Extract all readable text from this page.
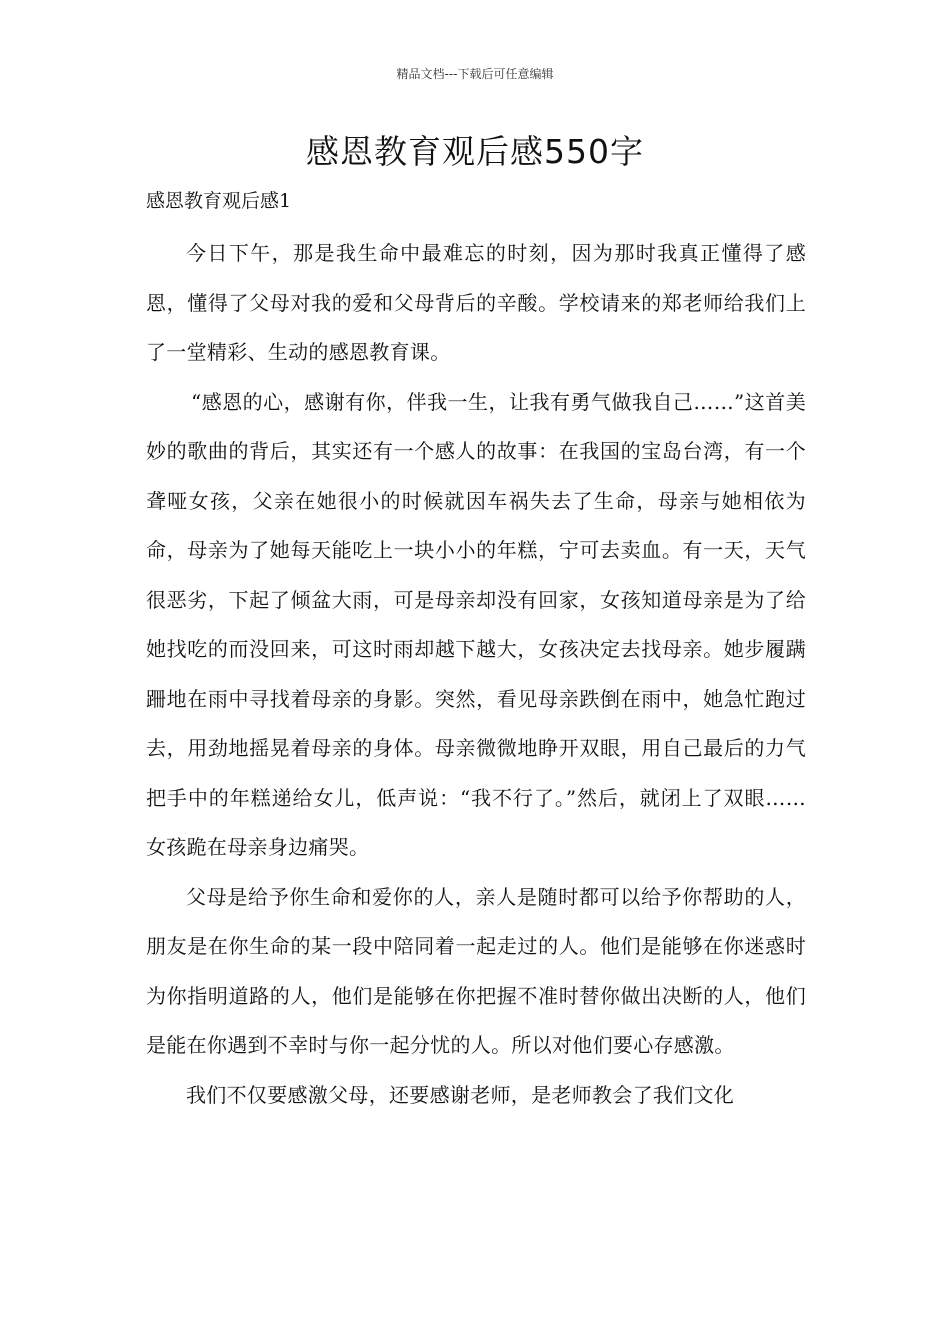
精品文档---下载后可任意编辑
感恩教育观后感550字

感恩教育观后感1

今日下午，那是我生命中最难忘的时刻，因为那时我真正懂得了感恩，懂得了父母对我的爱和父母背后的辛酸。学校请来的郑老师给我们上了一堂精彩、生动的感恩教育课。

“感恩的心，感谢有你，伴我一生，让我有勇气做我自己……”这首美妙的歌曲的背后，其实还有一个感人的故事：在我国的宝岛台湾，有一个聋哑女孩，父亲在她很小的时候就因车祸失去了生命，母亲与她相依为命，母亲为了她每天能吃上一块小小的年糕，宁可去卖血。有一天，天气很恶劣，下起了倾盆大雨，可是母亲却没有回家，女孩知道母亲是为了给她找吃的而没回来，可这时雨却越下越大，女孩决定去找母亲。她步履蹒跚地在雨中寻找着母亲的身影。突然，看见母亲跌倒在雨中，她急忙跑过去，用劲地摇晃着母亲的身体。母亲微微地睁开双眼，用自己最后的力气把手中的年糕递给女儿，低声说：“我不行了。”然后，就闭上了双眼……女孩跪在母亲身边痛哭。

父母是给予你生命和爱你的人，亲人是随时都可以给予你帮助的人，朋友是在你生命的某一段中陪同着一起走过的人。他们是能够在你迷惑时为你指明道路的人，他们是能够在你把握不准时替你做出决断的人，他们是能在你遇到不幸时与你一起分忧的人。所以对他们要心存感激。

我们不仅要感激父母，还要感谢老师，是老师教会了我们文化
